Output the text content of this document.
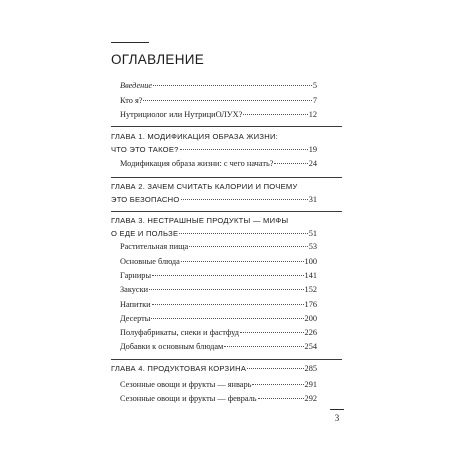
ОГЛАВЛЕНИЕ
Введение	5
Кто я?	7
Нутрициолог или НутрициОЛУХ?	12
ГЛАВА 1. МОДИФИКАЦИЯ ОБРАЗА ЖИЗНИ:
ЧТО ЭТО ТАКОЕ?	19
Модификация образа жизни: с чего начать?	24
ГЛАВА 2. ЗАЧЕМ СЧИТАТЬ КАЛОРИИ И ПОЧЕМУ
ЭТО БЕЗОПАСНО	31
ГЛАВА 3. НЕСТРАШНЫЕ ПРОДУКТЫ — МИФЫ
О ЕДЕ И ПОЛЬЗЕ	51
Растительная пища	53
Основные блюда	100
Гарниры	141
Закуски	152
Напитки	176
Десерты	200
Полуфабрикаты, снеки и фастфуд	226
Добавки к основным блюдам	254
ГЛАВА 4. ПРОДУКТОВАЯ КОРЗИНА	285
Сезонные овощи и фрукты — январь	291
Сезонные овощи и фрукты — февраль	292
3
